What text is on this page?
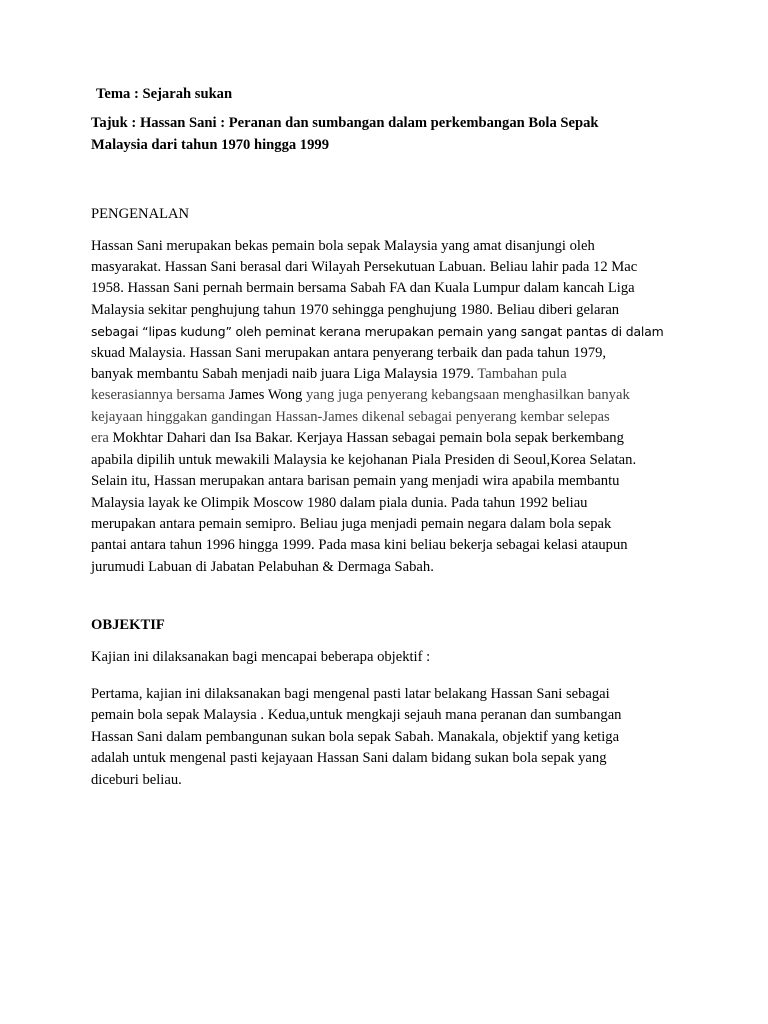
Tema : Sejarah sukan
Tajuk : Hassan Sani : Peranan dan sumbangan dalam perkembangan Bola Sepak
Malaysia dari tahun 1970 hingga 1999
PENGENALAN
Hassan Sani merupakan bekas pemain bola sepak Malaysia yang amat disanjungi oleh
masyarakat. Hassan Sani berasal dari Wilayah Persekutuan Labuan. Beliau lahir pada 12 Mac
1958. Hassan Sani pernah bermain bersama Sabah FA dan Kuala Lumpur dalam kancah Liga
Malaysia sekitar penghujung tahun 1970 sehingga penghujung 1980. Beliau diberi gelaran
sebagai “lipas kudung” oleh peminat kerana merupakan pemain yang sangat pantas di dalam
skuad Malaysia. Hassan Sani merupakan antara penyerang terbaik dan pada tahun 1979,
banyak membantu Sabah menjadi naib juara Liga Malaysia 1979. Tambahan pula
keserasiannya bersama James Wong yang juga penyerang kebangsaan menghasilkan banyak
kejayaan hinggakan gandingan Hassan-James dikenal sebagai penyerang kembar selepas
era Mokhtar Dahari dan Isa Bakar. Kerjaya Hassan sebagai pemain bola sepak berkembang
apabila dipilih untuk mewakili Malaysia ke kejohanan Piala Presiden di Seoul,Korea Selatan.
Selain itu, Hassan merupakan antara barisan pemain yang menjadi wira apabila membantu
Malaysia layak ke Olimpik Moscow 1980 dalam piala dunia. Pada tahun 1992 beliau
merupakan antara pemain semipro. Beliau juga menjadi pemain negara dalam bola sepak
pantai antara tahun 1996 hingga 1999. Pada masa kini beliau bekerja sebagai kelasi ataupun
jurumudi Labuan di Jabatan Pelabuhan & Dermaga Sabah.
OBJEKTIF
Kajian ini dilaksanakan bagi mencapai beberapa objektif :
Pertama, kajian ini dilaksanakan bagi mengenal pasti latar belakang Hassan Sani sebagai
pemain bola sepak Malaysia . Kedua,untuk mengkaji sejauh mana peranan dan sumbangan
Hassan Sani dalam pembangunan sukan bola sepak Sabah. Manakala, objektif yang ketiga
adalah untuk mengenal pasti kejayaan Hassan Sani dalam bidang sukan bola sepak yang
diceburi beliau.
